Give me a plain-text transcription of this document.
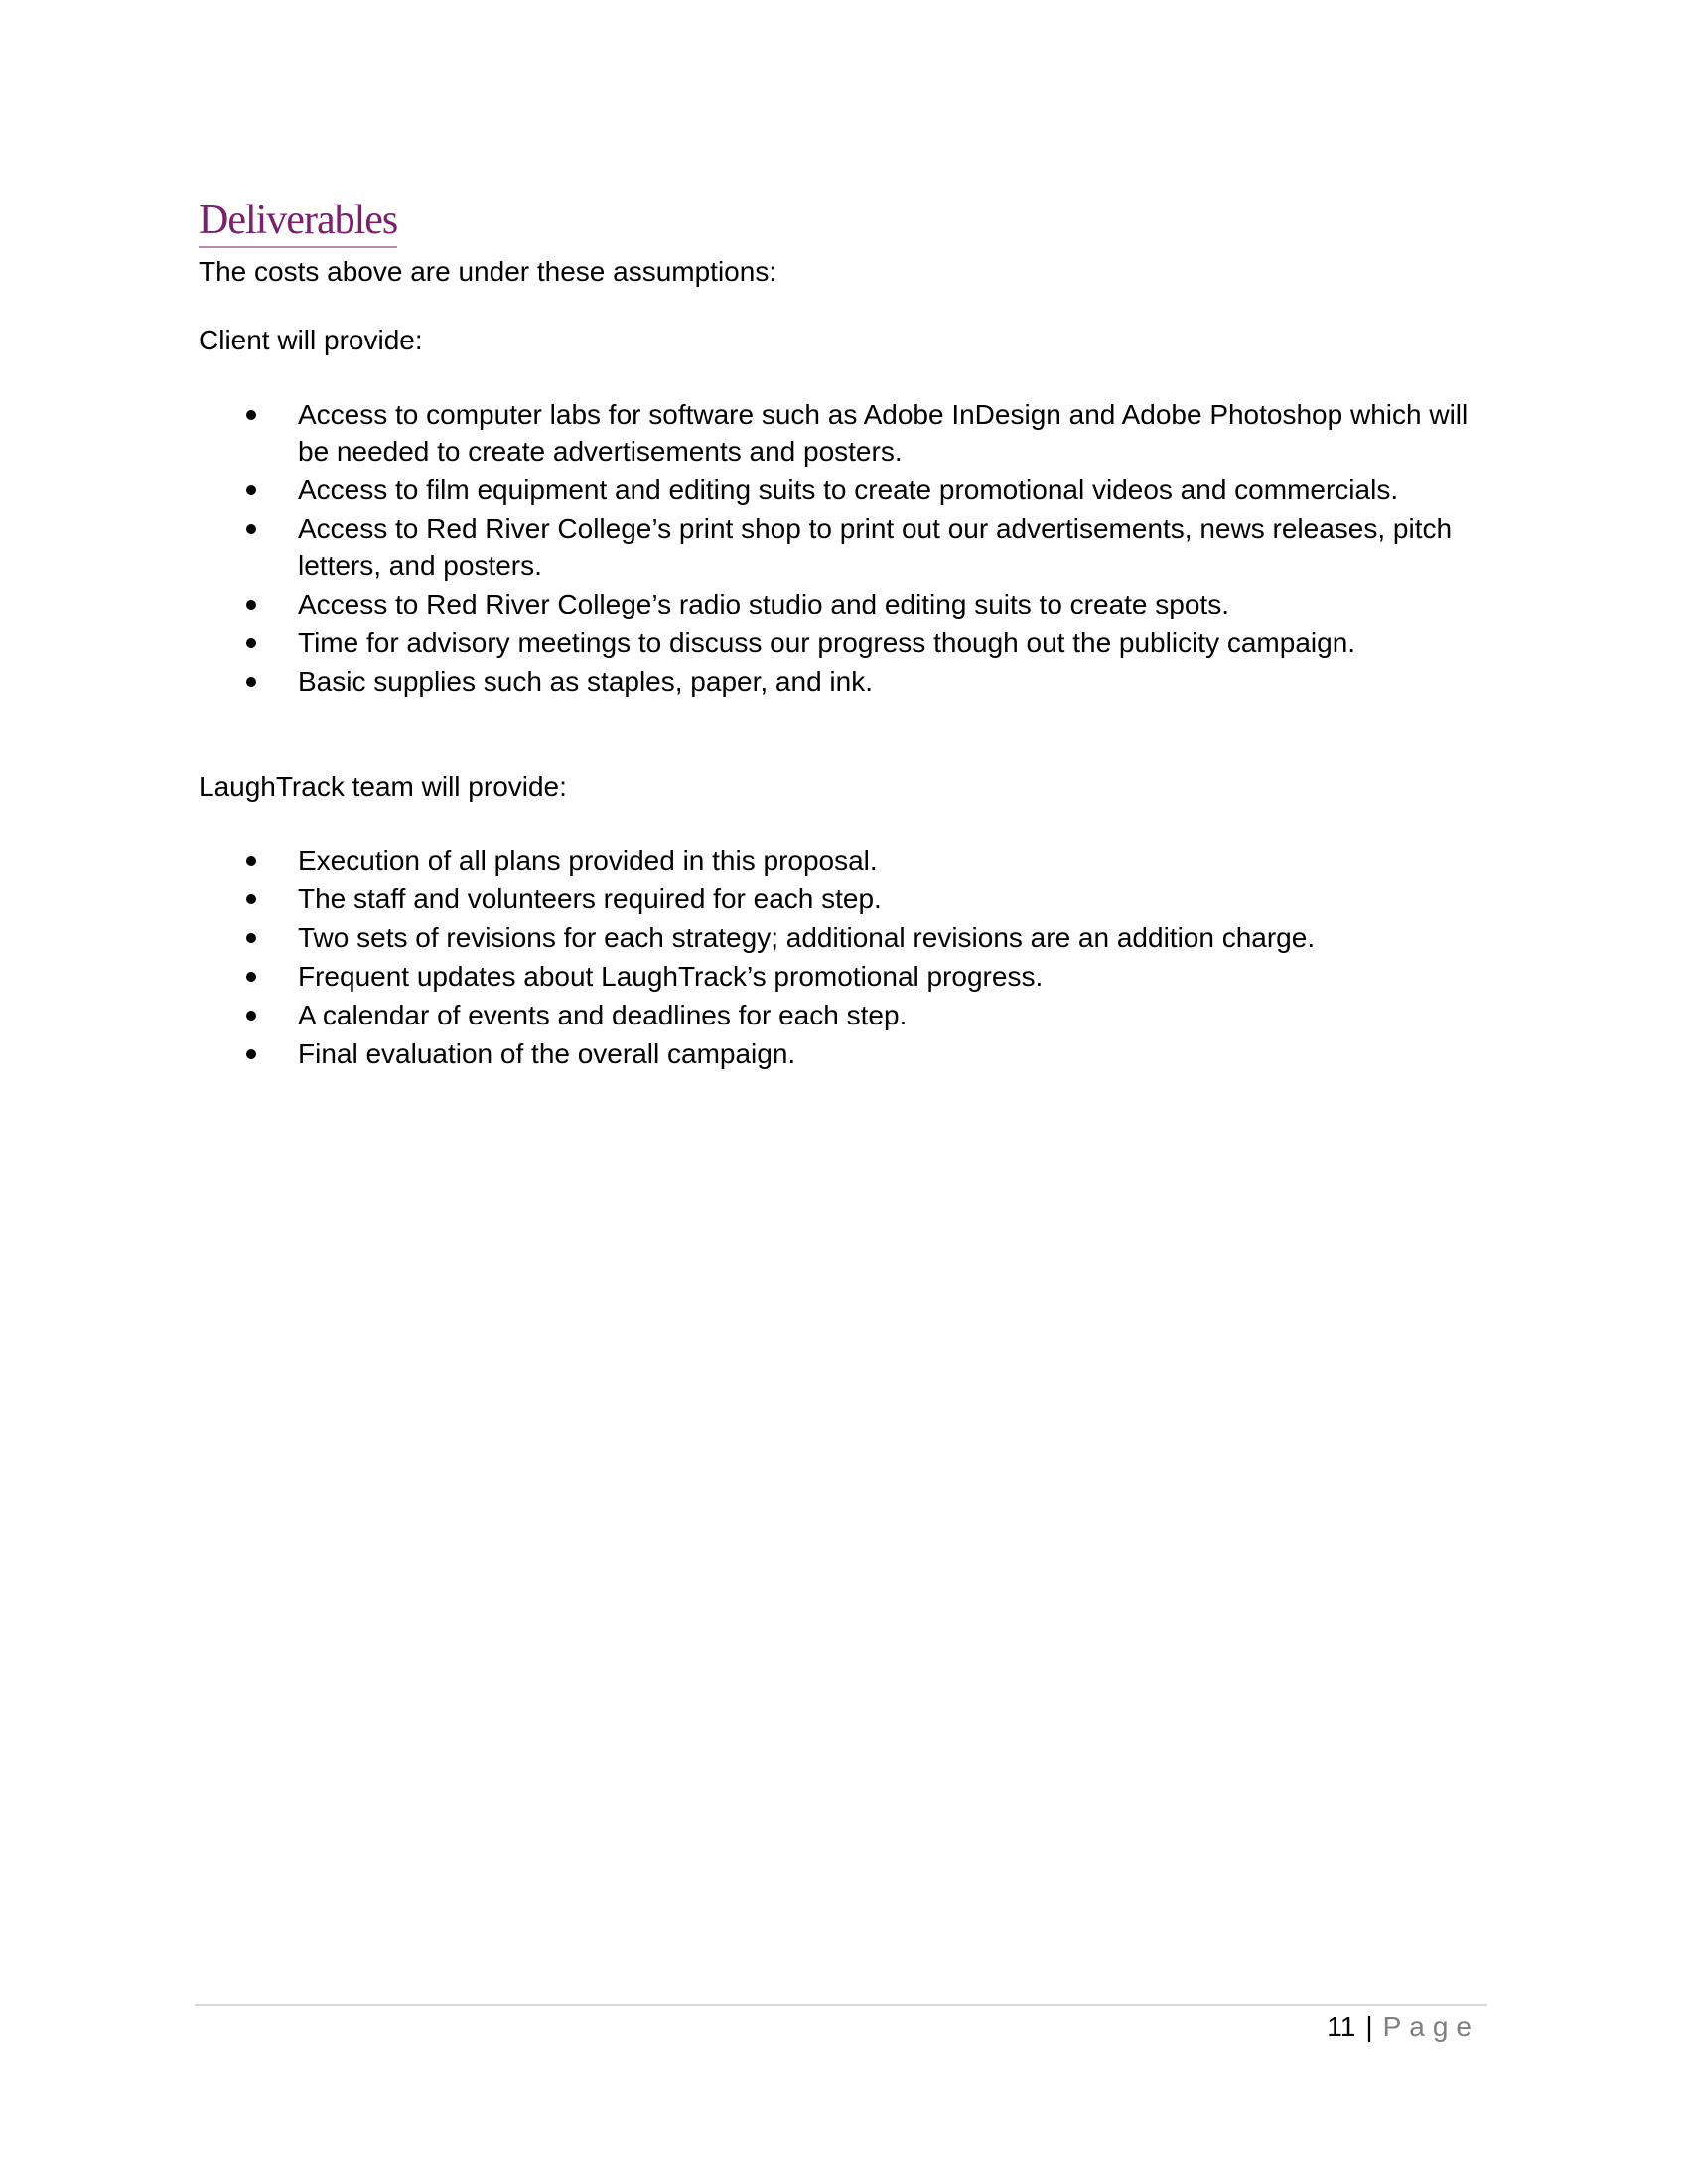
Deliverables

The costs above are under these assumptions:

Client will provide:

Access to computer labs for software such as Adobe InDesign and Adobe Photoshop which will be needed to create advertisements and posters.
Access to film equipment and editing suits to create promotional videos and commercials.
Access to Red River College’s print shop to print out our advertisements, news releases, pitch letters, and posters.
Access to Red River College’s radio studio and editing suits to create spots.
Time for advisory meetings to discuss our progress though out the publicity campaign.
Basic supplies such as staples, paper, and ink.

LaughTrack team will provide:

Execution of all plans provided in this proposal.
The staff and volunteers required for each step.
Two sets of revisions for each strategy; additional revisions are an addition charge.
Frequent updates about LaughTrack’s promotional progress.
A calendar of events and deadlines for each step.
Final evaluation of the overall campaign.
11 | Page
